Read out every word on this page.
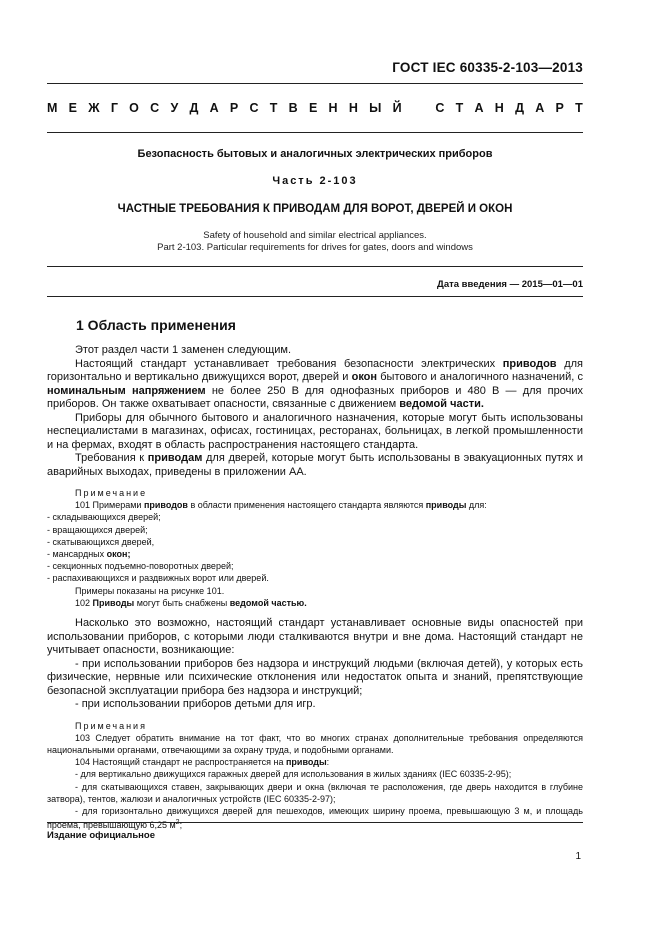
ГОСТ IEC 60335-2-103—2013
М Е Ж Г О С У Д А Р С Т В Е Н Н Ы Й	С Т А Н Д А Р Т
Безопасность бытовых и аналогичных электрических приборов
Часть 2-103
ЧАСТНЫЕ ТРЕБОВАНИЯ К ПРИВОДАМ ДЛЯ ВОРОТ, ДВЕРЕЙ И ОКОН
Safety of household and similar electrical appliances.
Part 2-103. Particular requirements for drives for gates, doors and windows
Дата введения — 2015—01—01
1 Область применения

Этот раздел части 1 заменен следующим.

Настоящий стандарт устанавливает требования безопасности электрических приводов для горизонтально и вертикально движущихся ворот, дверей и окон бытового и аналогичного назначений, с номинальным напряжением не более 250 В для однофазных приборов и 480 В — для прочих приборов. Он также охватывает опасности, связанные с движением ведомой части.

Приборы для обычного бытового и аналогичного назначения, которые могут быть использованы неспециалистами в магазинах, офисах, гостиницах, ресторанах, больницах, в легкой промышленности и на фермах, входят в область распространения настоящего стандарта.

Требования к приводам для дверей, которые могут быть использованы в эвакуационных путях и аварийных выходах, приведены в приложении АА.

Примечание

101 Примерами приводов в области применения настоящего стандарта являются приводы для:

- складывающихся дверей;

- вращающихся дверей;

- скатывающихся дверей,

- мансардных окон;

- секционных подъемно-поворотных дверей;

- распахивающихся и раздвижных ворот или дверей.

Примеры показаны на рисунке 101.

102 Приводы могут быть снабжены ведомой частью.

Насколько это возможно, настоящий стандарт устанавливает основные виды опасностей при использовании приборов, с которыми люди сталкиваются внутри и вне дома. Настоящий стандарт не учитывает опасности, возникающие:

- при использовании приборов без надзора и инструкций людьми (включая детей), у которых есть физические, нервные или психические отклонения или недостаток опыта и знаний, препятствующие безопасной эксплуатации прибора без надзора и инструкций;

- при использовании приборов детьми для игр.

Примечания

103 Следует обратить внимание на тот факт, что во многих странах дополнительные требования определяются национальными органами, отвечающими за охрану труда, и подобными органами.

104 Настоящий стандарт не распространяется на приводы:

- для вертикально движущихся гаражных дверей для использования в жилых зданиях (IEC 60335-2-95);

- для скатывающихся ставен, закрывающих двери и окна (включая те расположения, где дверь находится в глубине затвора), тентов, жалюзи и аналогичных устройств (IEC 60335-2-97);

- для горизонтально движущихся дверей для пешеходов, имеющих ширину проема, превышающую 3 м, и площадь проема, превышающую 6,25 $м^2$;

Издание официальное
1
